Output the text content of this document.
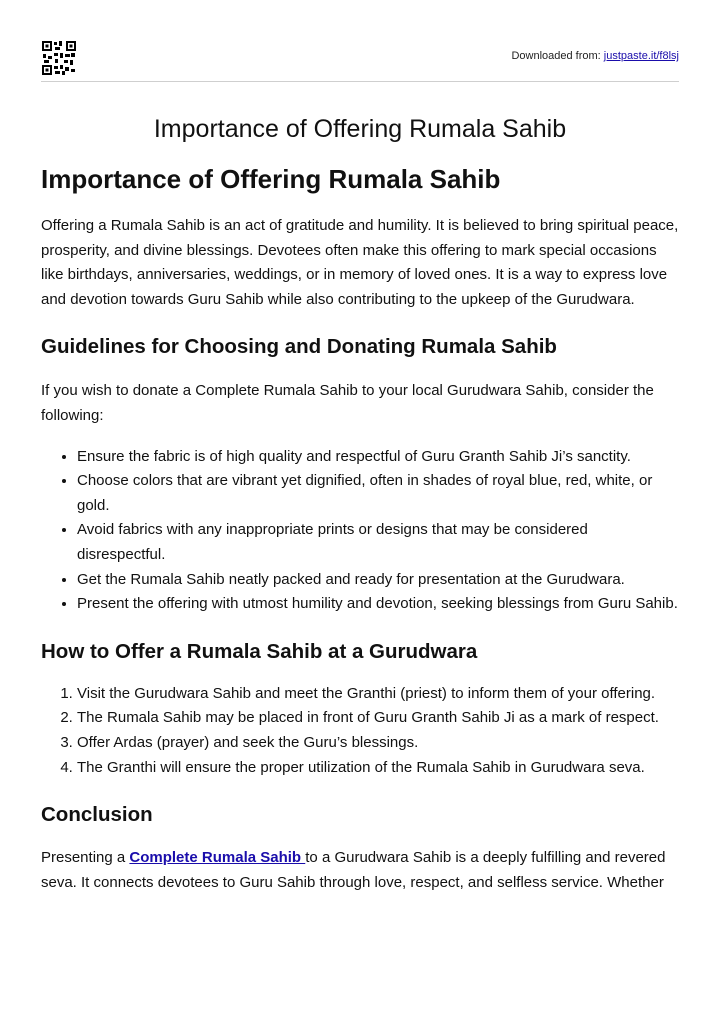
Downloaded from: justpaste.it/f8lsj
Importance of Offering Rumala Sahib
Importance of Offering Rumala Sahib

Offering a Rumala Sahib is an act of gratitude and humility. It is believed to bring spiritual peace, prosperity, and divine blessings. Devotees often make this offering to mark special occasions like birthdays, anniversaries, weddings, or in memory of loved ones. It is a way to express love and devotion towards Guru Sahib while also contributing to the upkeep of the Gurudwara.

Guidelines for Choosing and Donating Rumala Sahib

If you wish to donate a Complete Rumala Sahib to your local Gurudwara Sahib, consider the following:

• Ensure the fabric is of high quality and respectful of Guru Granth Sahib Ji’s sanctity.
• Choose colors that are vibrant yet dignified, often in shades of royal blue, red, white, or gold.
• Avoid fabrics with any inappropriate prints or designs that may be considered disrespectful.
• Get the Rumala Sahib neatly packed and ready for presentation at the Gurudwara.
• Present the offering with utmost humility and devotion, seeking blessings from Guru Sahib.
How to Offer a Rumala Sahib at a Gurudwara
1. Visit the Gurudwara Sahib and meet the Granthi (priest) to inform them of your offering.
2. The Rumala Sahib may be placed in front of Guru Granth Sahib Ji as a mark of respect.
3. Offer Ardas (prayer) and seek the Guru’s blessings.
4. The Granthi will ensure the proper utilization of the Rumala Sahib in Gurudwara seva.
Conclusion

Presenting a Complete Rumala Sahib to a Gurudwara Sahib is a deeply fulfilling and revered seva. It connects devotees to Guru Sahib through love, respect, and selfless service. Whether
